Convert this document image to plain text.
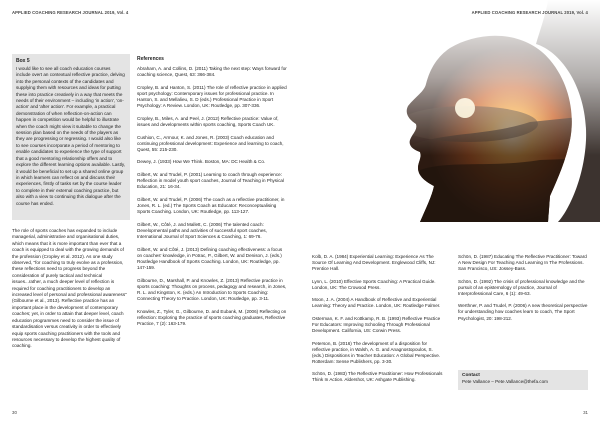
APPLIED COACHING RESEARCH JOURNAL 2019, Vol. 4
Box 5

I would like to see all coach education courses include overt an contextual reflective practice, delving into the personal contexts of the candidates and supplying them with resources and ideas for putting these into practice creatively in a way that meets the needs of their environment – including 'in action', 'on-action' and 'after action'. For example, a practical demonstration of when reflection-on-action can happen in competition would be helpful to illustrate when the coach might view it suitable to change the session plan based on the needs of the players as they are progressing or regressing. I would also like to see courses incorporate a period of mentoring to enable candidates to experience the type of support that a good mentoring relationship offers and to explore the different learning options available. Lastly, it would be beneficial to set up a shared online group in which learners can reflect on and discuss their experiences, firstly of tasks set by the course leader to complete in their external coaching practice, but also with a view to continuing this dialogue after the course has ended.

The role of sports coaches has expanded to include managerial, administrative and organisational duties, which means that it is more important than ever that a coach is equipped to deal with the growing demands of the profession (Cropley et al. 2012). As one study observed, "for coaching to truly evolve as a profession, these reflections need to progress beyond the consideration of purely tactical and technical issues...rather, a much deeper level of reflection is required for coaching practitioners to develop an increased level of personal and professional awareness" (Gilbourne et al., 2013). Reflective practice has an important place in the development of contemporary coaches; yet, in order to attain that deeper level, coach education programmes need to consider the issue of standardisation versus creativity in order to effectively equip sports coaching practitioners with the tools and resources necessary to develop the highest quality of coaching.

References

Abraham, A. and Collins, D. (2011) Taking the next step: Ways forward for coaching science, Quest, 63: 366-384.

Cropley, B. and Hanton, S. (2011) The role of reflective practice in applied sport psychology: Contemporary issues for professional practice. In Hanton, S. and Mellalieu, S. D (eds.) Professional Practice in Sport Psychology: A Review. London, UK: Routledge, pp. 307-336.

Cropley, B., Miles, A. and Peel, J. (2012) Reflective practice: Value of, issues and developments within sports coaching, Sports Coach UK.

Cushion, C., Armour, K. and Jones, R. (2003) Coach education and continuing professional development: Experience and learning to coach, Quest, 55: 215-230.

Dewey, J. (1933) How We Think. Boston, MA: DC Health & Co.

Gilbert, W. and Trudel, P. (2001) Learning to coach through experience: Reflection in model youth sport coaches, Journal of Teaching in Physical Education, 21: 16-34.

Gilbert, W. and Trudel, P. (2006) The coach as a reflective practitioner, in Jones, R. L. (ed.) The Sports Coach as Educator: Reconceptualising Sports Coaching. London, UK: Routledge, pp. 113-127.

Gilbert, W., Côté, J. and Mallett, C. (2006) The talented coach: Developmental paths and activities of successful sport coaches, International Journal of Sport Sciences & Coaching, 1: 69-76.

Gilbert, W. and Côté, J. (2013) Defining coaching effectiveness: a focus on coaches' knowledge, in Potrac, P., Gilbert, W. and Denison, J. (eds.) Routledge Handbook of Sports Coaching. London, UK: Routledge, pp. 147-159.

Gilbourne, D., Marshall, P. and Knowles, Z. (2013) Reflective practice in sports coaching: Thoughts on process, pedagogy and research, in Jones, R. L. and Kingston, K. (eds.) An Introduction to Sports Coaching: Connecting Theory to Practice. London, UK: Routledge, pp. 3-11.

Knowles, Z., Tyler, G., Gilbourne, D. and Eubank, M. (2006) Reflecting on reflection: Exploring the practice of sports coaching graduates, Reflective Practice, 7 (2): 163-179.

30
APPLIED COACHING RESEARCH JOURNAL 2019, Vol. 4

Kolb, D. A. (1984) Experiential Learning: Experience As The Source Of Learning And Development. Englewood Cliffs, NJ: Prentice Hall.

Lynn, L. (2010) Effective Sports Coaching: A Practical Guide. London, UK: The Crowood Press.

Moon, J. A. (2004) A Handbook of Reflective and Experiential Learning: Theory and Practice. London, UK: Routledge Falmer.

Osterman, K. F. and Kottkamp, R. B. (1993) Reflective Practice For Educators: Improving Schooling Through Professional Development. California, US: Corwin Press.

Peterson, B. (2016) The development of a disposition for reflective practice, in Walsh, A. G. and Anagnostopoulos, S. (eds.) Dispositions in Teacher Education: A Global Perspective. Rotterdam: Sense Publishers, pp. 3-30.

Schön, D. (1983) The Reflective Practitioner: How Professionals Think In Action. Aldershot, UK: Ashgate Publishing.

Schön, D. (1987) Educating The Reflective Practitioner: Toward A New Design For Teaching And Learning In The Professions. San Francisco, US: Jossey-Bass.

Schön, D. (1992) The crisis of professional knowledge and the pursuit of an epistemology of practice, Journal of Interprofessional Care, 6 (1): 49-63.

Werthner, P. and Trudel, P. (2006) A new theoretical perspective for understanding how coaches learn to coach, The Sport Psychologist, 20: 198-212.

Contact
Pete Vallance – Pete.Vallance@thefa.com
31
